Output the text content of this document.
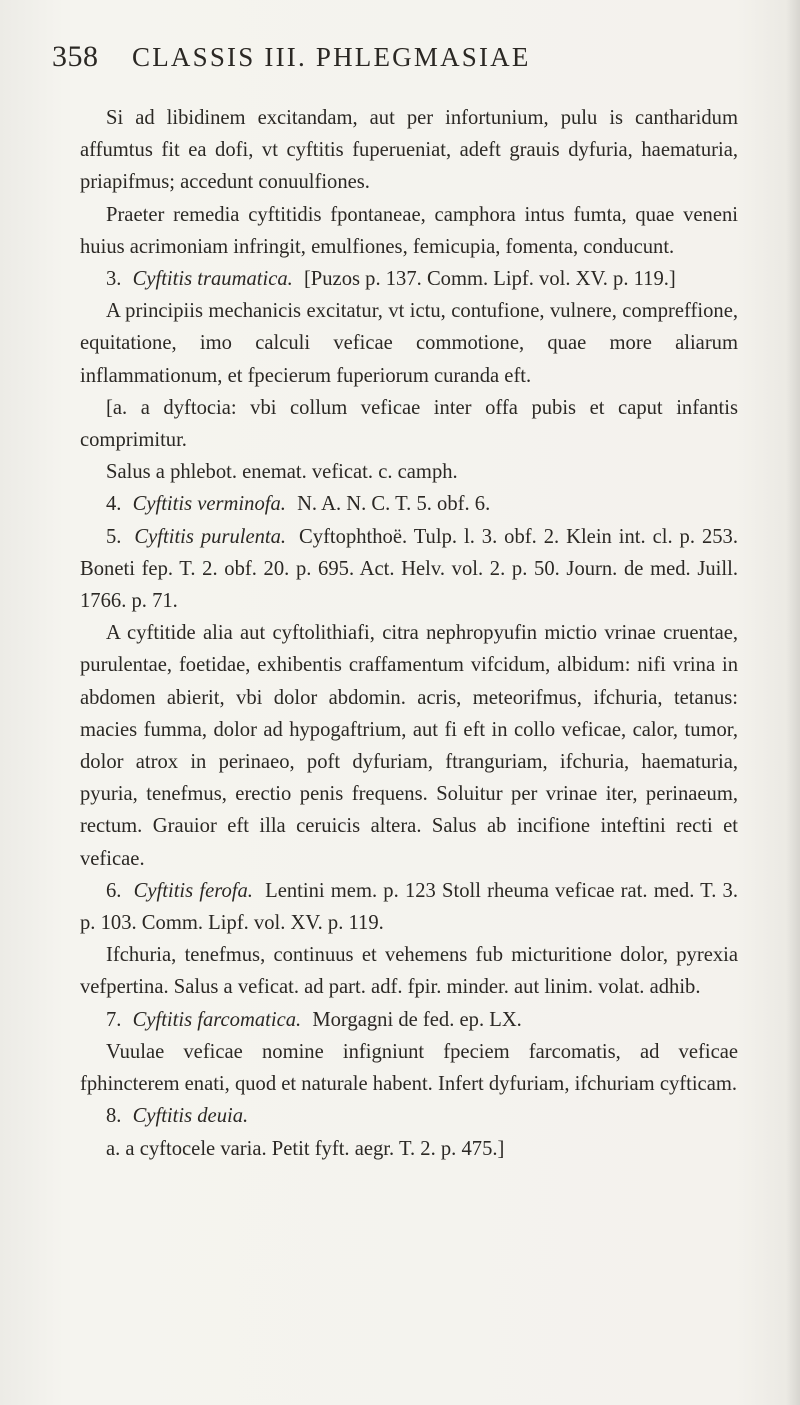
358 CLASSIS III. PHLEGMASIAE

Si ad libidinem excitandam, aut per infortunium, pulu is cantharidum affumtus fit ea dofi, vt cyftitis fuperueniat, adeft grauis dyfuria, haematuria, priapifmus; accedunt conuulfiones.

Praeter remedia cyftitidis fpontaneae, camphora intus fumta, quae veneni huius acrimoniam infringit, emulfiones, femicupia, fomenta, conducunt.

3. Cyftitis traumatica. [Puzos p. 137. Comm. Lipf. vol. XV. p. 119.]

A principiis mechanicis excitatur, vt ictu, contufione, vulnere, compreffione, equitatione, imo calculi veficae commotione, quae more aliarum inflammationum, et fpecierum fuperiorum curanda eft.

[a. a dyftocia: vbi collum veficae inter offa pubis et caput infantis comprimitur.

Salus a phlebot. enemat. veficat. c. camph.

4. Cyftitis verminofa. N. A. N. C. T. 5. obf. 6.

5. Cyftitis purulenta. Cyftophthoë. Tulp. l. 3. obf. 2. Klein int. cl. p. 253. Boneti fep. T. 2. obf. 20. p. 695. Act. Helv. vol. 2. p. 50. Journ. de med. Juill. 1766. p. 71.

A cyftitide alia aut cyftolithiafi, citra nephropyufin mictio vrinae cruentae, purulentae, foetidae, exhibentis craffamentum vifcidum, albidum: nifi vrina in abdomen abierit, vbi dolor abdomin. acris, meteorifmus, ifchuria, tetanus: macies fumma, dolor ad hypogaftrium, aut fi eft in collo veficae, calor, tumor, dolor atrox in perinaeo, poft dyfuriam, ftranguriam, ifchuria, haematuria, pyuria, tenefmus, erectio penis frequens. Soluitur per vrinae iter, perinaeum, rectum. Grauior eft illa ceruicis altera. Salus ab incifione inteftini recti et veficae.

6. Cyftitis ferofa. Lentini mem. p. 123 Stoll rheuma veficae rat. med. T. 3. p. 103. Comm. Lipf. vol. XV. p. 119.

Ifchuria, tenefmus, continuus et vehemens fub micturitione dolor, pyrexia vefpertina. Salus a veficat. ad part. adf. fpir. minder. aut linim. volat. adhib.

7. Cyftitis farcomatica. Morgagni de fed. ep. LX.

Vuulae veficae nomine infigniunt fpeciem farcomatis, ad veficae fphincterem enati, quod et naturale habent. Infert dyfuriam, ifchuriam cyfticam.

8. Cyftitis deuia.

a. a cyftocele varia. Petit fyft. aegr. T. 2. p. 475.]
